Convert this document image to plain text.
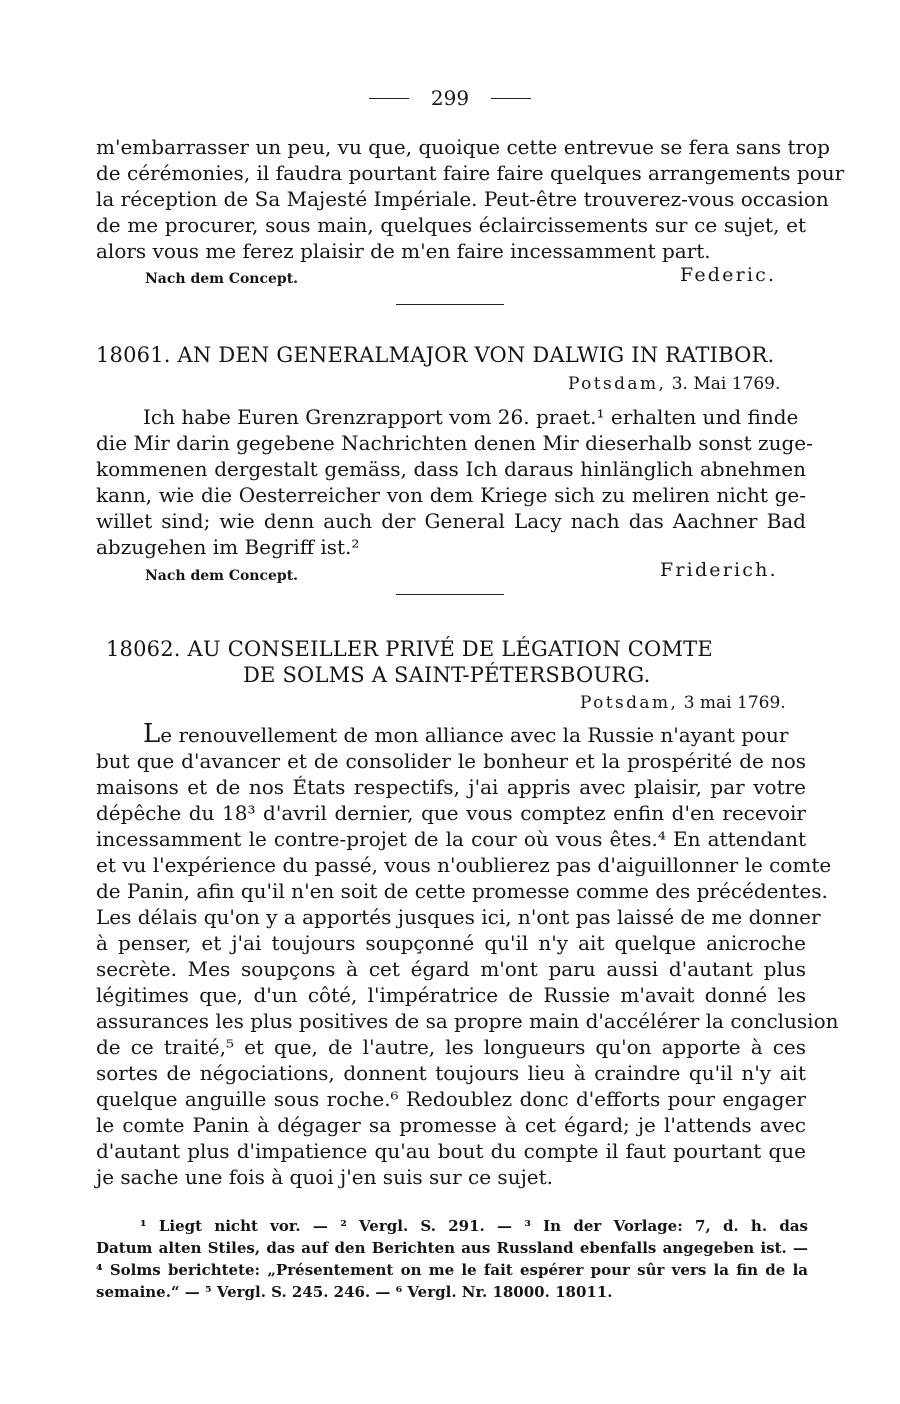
299
m'embarrasser un peu, vu que, quoique cette entrevue se fera sans trop
de cérémonies, il faudra pourtant faire faire quelques arrangements pour
la réception de Sa Majesté Impériale. Peut-être trouverez-vous occasion
de me procurer, sous main, quelques éclaircissements sur ce sujet, et
alors vous me ferez plaisir de m'en faire incessamment part.
Nach dem Concept.	Federic.
18061. AN DEN GENERALMAJOR VON DALWIG IN RATIBOR.
Potsdam, 3. Mai 1769.
Ich habe Euren Grenzrapport vom 26. praet.¹ erhalten und finde
die Mir darin gegebene Nachrichten denen Mir dieserhalb sonst zuge-
kommenen dergestalt gemäss, dass Ich daraus hinlänglich abnehmen
kann, wie die Oesterreicher von dem Kriege sich zu meliren nicht ge-
willet sind; wie denn auch der General Lacy nach das Aachner Bad
abzugehen im Begriff ist.²
Nach dem Concept.	Friderich.
18062. AU CONSEILLER PRIVÉ DE LÉGATION COMTE
DE SOLMS A SAINT-PÉTERSBOURG.
Potsdam, 3 mai 1769.
Le renouvellement de mon alliance avec la Russie n'ayant pour
but que d'avancer et de consolider le bonheur et la prospérité de nos
maisons et de nos États respectifs, j'ai appris avec plaisir, par votre
dépêche du 18³ d'avril dernier, que vous comptez enfin d'en recevoir
incessamment le contre-projet de la cour où vous êtes.⁴ En attendant
et vu l'expérience du passé, vous n'oublierez pas d'aiguillonner le comte
de Panin, afin qu'il n'en soit de cette promesse comme des précédentes.
Les délais qu'on y a apportés jusques ici, n'ont pas laissé de me donner
à penser, et j'ai toujours soupçonné qu'il n'y ait quelque anicroche
secrète. Mes soupçons à cet égard m'ont paru aussi d'autant plus
légitimes que, d'un côté, l'impératrice de Russie m'avait donné les
assurances les plus positives de sa propre main d'accélérer la conclusion
de ce traité,⁵ et que, de l'autre, les longueurs qu'on apporte à ces
sortes de négociations, donnent toujours lieu à craindre qu'il n'y ait
quelque anguille sous roche.⁶ Redoublez donc d'efforts pour engager
le comte Panin à dégager sa promesse à cet égard; je l'attends avec
d'autant plus d'impatience qu'au bout du compte il faut pourtant que
je sache une fois à quoi j'en suis sur ce sujet.
¹ Liegt nicht vor. — ² Vergl. S. 291. — ³ In der Vorlage: 7, d. h. das
Datum alten Stiles, das auf den Berichten aus Russland ebenfalls angegeben ist. —
⁴ Solms berichtete: „Présentement on me le fait espérer pour sûr vers la fin de la
semaine.“ — ⁵ Vergl. S. 245. 246. — ⁶ Vergl. Nr. 18000. 18011.
